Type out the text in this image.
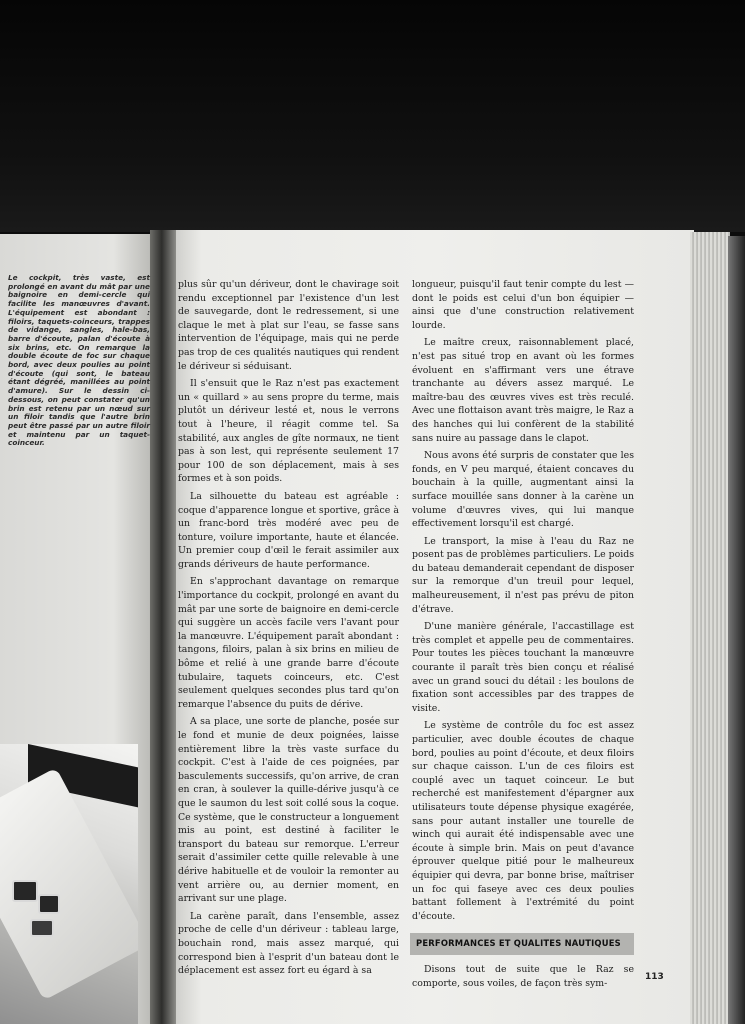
Le cockpit, très vaste, est prolongé en avant du mât par une baignoire en demi-cercle qui facilite les manœuvres d'avant. L'équipement est abondant : filoirs, taquets-coinceurs, trappes de vidange, sangles, hale-bas, barre d'écoute, palan d'écoute à six brins, etc. On remarque la double écoute de foc sur chaque bord, avec deux poulies au point d'écoute (qui sont, le bateau étant dégréé, manillées au point d'amure). Sur le dessin ci-dessous, on peut constater qu'un brin est retenu par un nœud sur un filoir tandis que l'autre brin peut être passé par un autre filoir et maintenu par un taquet-coinceur.

plus sûr qu'un dériveur, dont le chavirage soit rendu exceptionnel par l'existence d'un lest de sauvegarde, dont le redressement, si une claque le met à plat sur l'eau, se fasse sans intervention de l'équipage, mais qui ne perde pas trop de ces qualités nautiques qui rendent le dériveur si séduisant.

Il s'ensuit que le Raz n'est pas exactement un « quillard » au sens propre du terme, mais plutôt un dériveur lesté et, nous le verrons tout à l'heure, il réagit comme tel. Sa stabilité, aux angles de gîte normaux, ne tient pas à son lest, qui représente seulement 17 pour 100 de son déplacement, mais à ses formes et à son poids.

La silhouette du bateau est agréable : coque d'apparence longue et sportive, grâce à un franc-bord très modéré avec peu de tonture, voilure importante, haute et élancée. Un premier coup d'œil le ferait assimiler aux grands dériveurs de haute performance.

En s'approchant davantage on remarque l'importance du cockpit, prolongé en avant du mât par une sorte de baignoire en demi-cercle qui suggère un accès facile vers l'avant pour la manœuvre. L'équipement paraît abondant : tangons, filoirs, palan à six brins en milieu de bôme et relié à une grande barre d'écoute tubulaire, taquets coinceurs, etc. C'est seulement quelques secondes plus tard qu'on remarque l'absence du puits de dérive.

A sa place, une sorte de planche, posée sur le fond et munie de deux poignées, laisse entièrement libre la très vaste surface du cockpit. C'est à l'aide de ces poignées, par basculements successifs, qu'on arrive, de cran en cran, à soulever la quille-dérive jusqu'à ce que le saumon du lest soit collé sous la coque. Ce système, que le constructeur a longuement mis au point, est destiné à faciliter le transport du bateau sur remorque. L'erreur serait d'assimiler cette quille relevable à une dérive habituelle et de vouloir la remonter au vent arrière ou, au dernier moment, en arrivant sur une plage.

La carène paraît, dans l'ensemble, assez proche de celle d'un dériveur : tableau large, bouchain rond, mais assez marqué, qui correspond bien à l'esprit d'un bateau dont le déplacement est assez fort eu égard à sa

longueur, puisqu'il faut tenir compte du lest — dont le poids est celui d'un bon équipier — ainsi que d'une construction relativement lourde.

Le maître creux, raisonnablement placé, n'est pas situé trop en avant où les formes évoluent en s'affirmant vers une étrave tranchante au dévers assez marqué. Le maître-bau des œuvres vives est très reculé. Avec une flottaison avant très maigre, le Raz a des hanches qui lui confèrent de la stabilité sans nuire au passage dans le clapot.

Nous avons été surpris de constater que les fonds, en V peu marqué, étaient concaves du bouchain à la quille, augmentant ainsi la surface mouillée sans donner à la carène un volume d'œuvres vives, qui lui manque effectivement lorsqu'il est chargé.

Le transport, la mise à l'eau du Raz ne posent pas de problèmes particuliers. Le poids du bateau demanderait cependant de disposer sur la remorque d'un treuil pour lequel, malheureusement, il n'est pas prévu de piton d'étrave.

D'une manière générale, l'accastillage est très complet et appelle peu de commentaires. Pour toutes les pièces touchant la manœuvre courante il paraît très bien conçu et réalisé avec un grand souci du détail : les boulons de fixation sont accessibles par des trappes de visite.

Le système de contrôle du foc est assez particulier, avec double écoutes de chaque bord, poulies au point d'écoute, et deux filoirs sur chaque caisson. L'un de ces filoirs est couplé avec un taquet coinceur. Le but recherché est manifestement d'épargner aux utilisateurs toute dépense physique exagérée, sans pour autant installer une tourelle de winch qui aurait été indispensable avec une écoute à simple brin. Mais on peut d'avance éprouver quelque pitié pour le malheureux équipier qui devra, par bonne brise, maîtriser un foc qui faseye avec ces deux poulies battant follement à l'extrémité du point d'écoute.

PERFORMANCES ET QUALITES NAUTIQUES

Disons tout de suite que le Raz se comporte, sous voiles, de façon très sym-

113
